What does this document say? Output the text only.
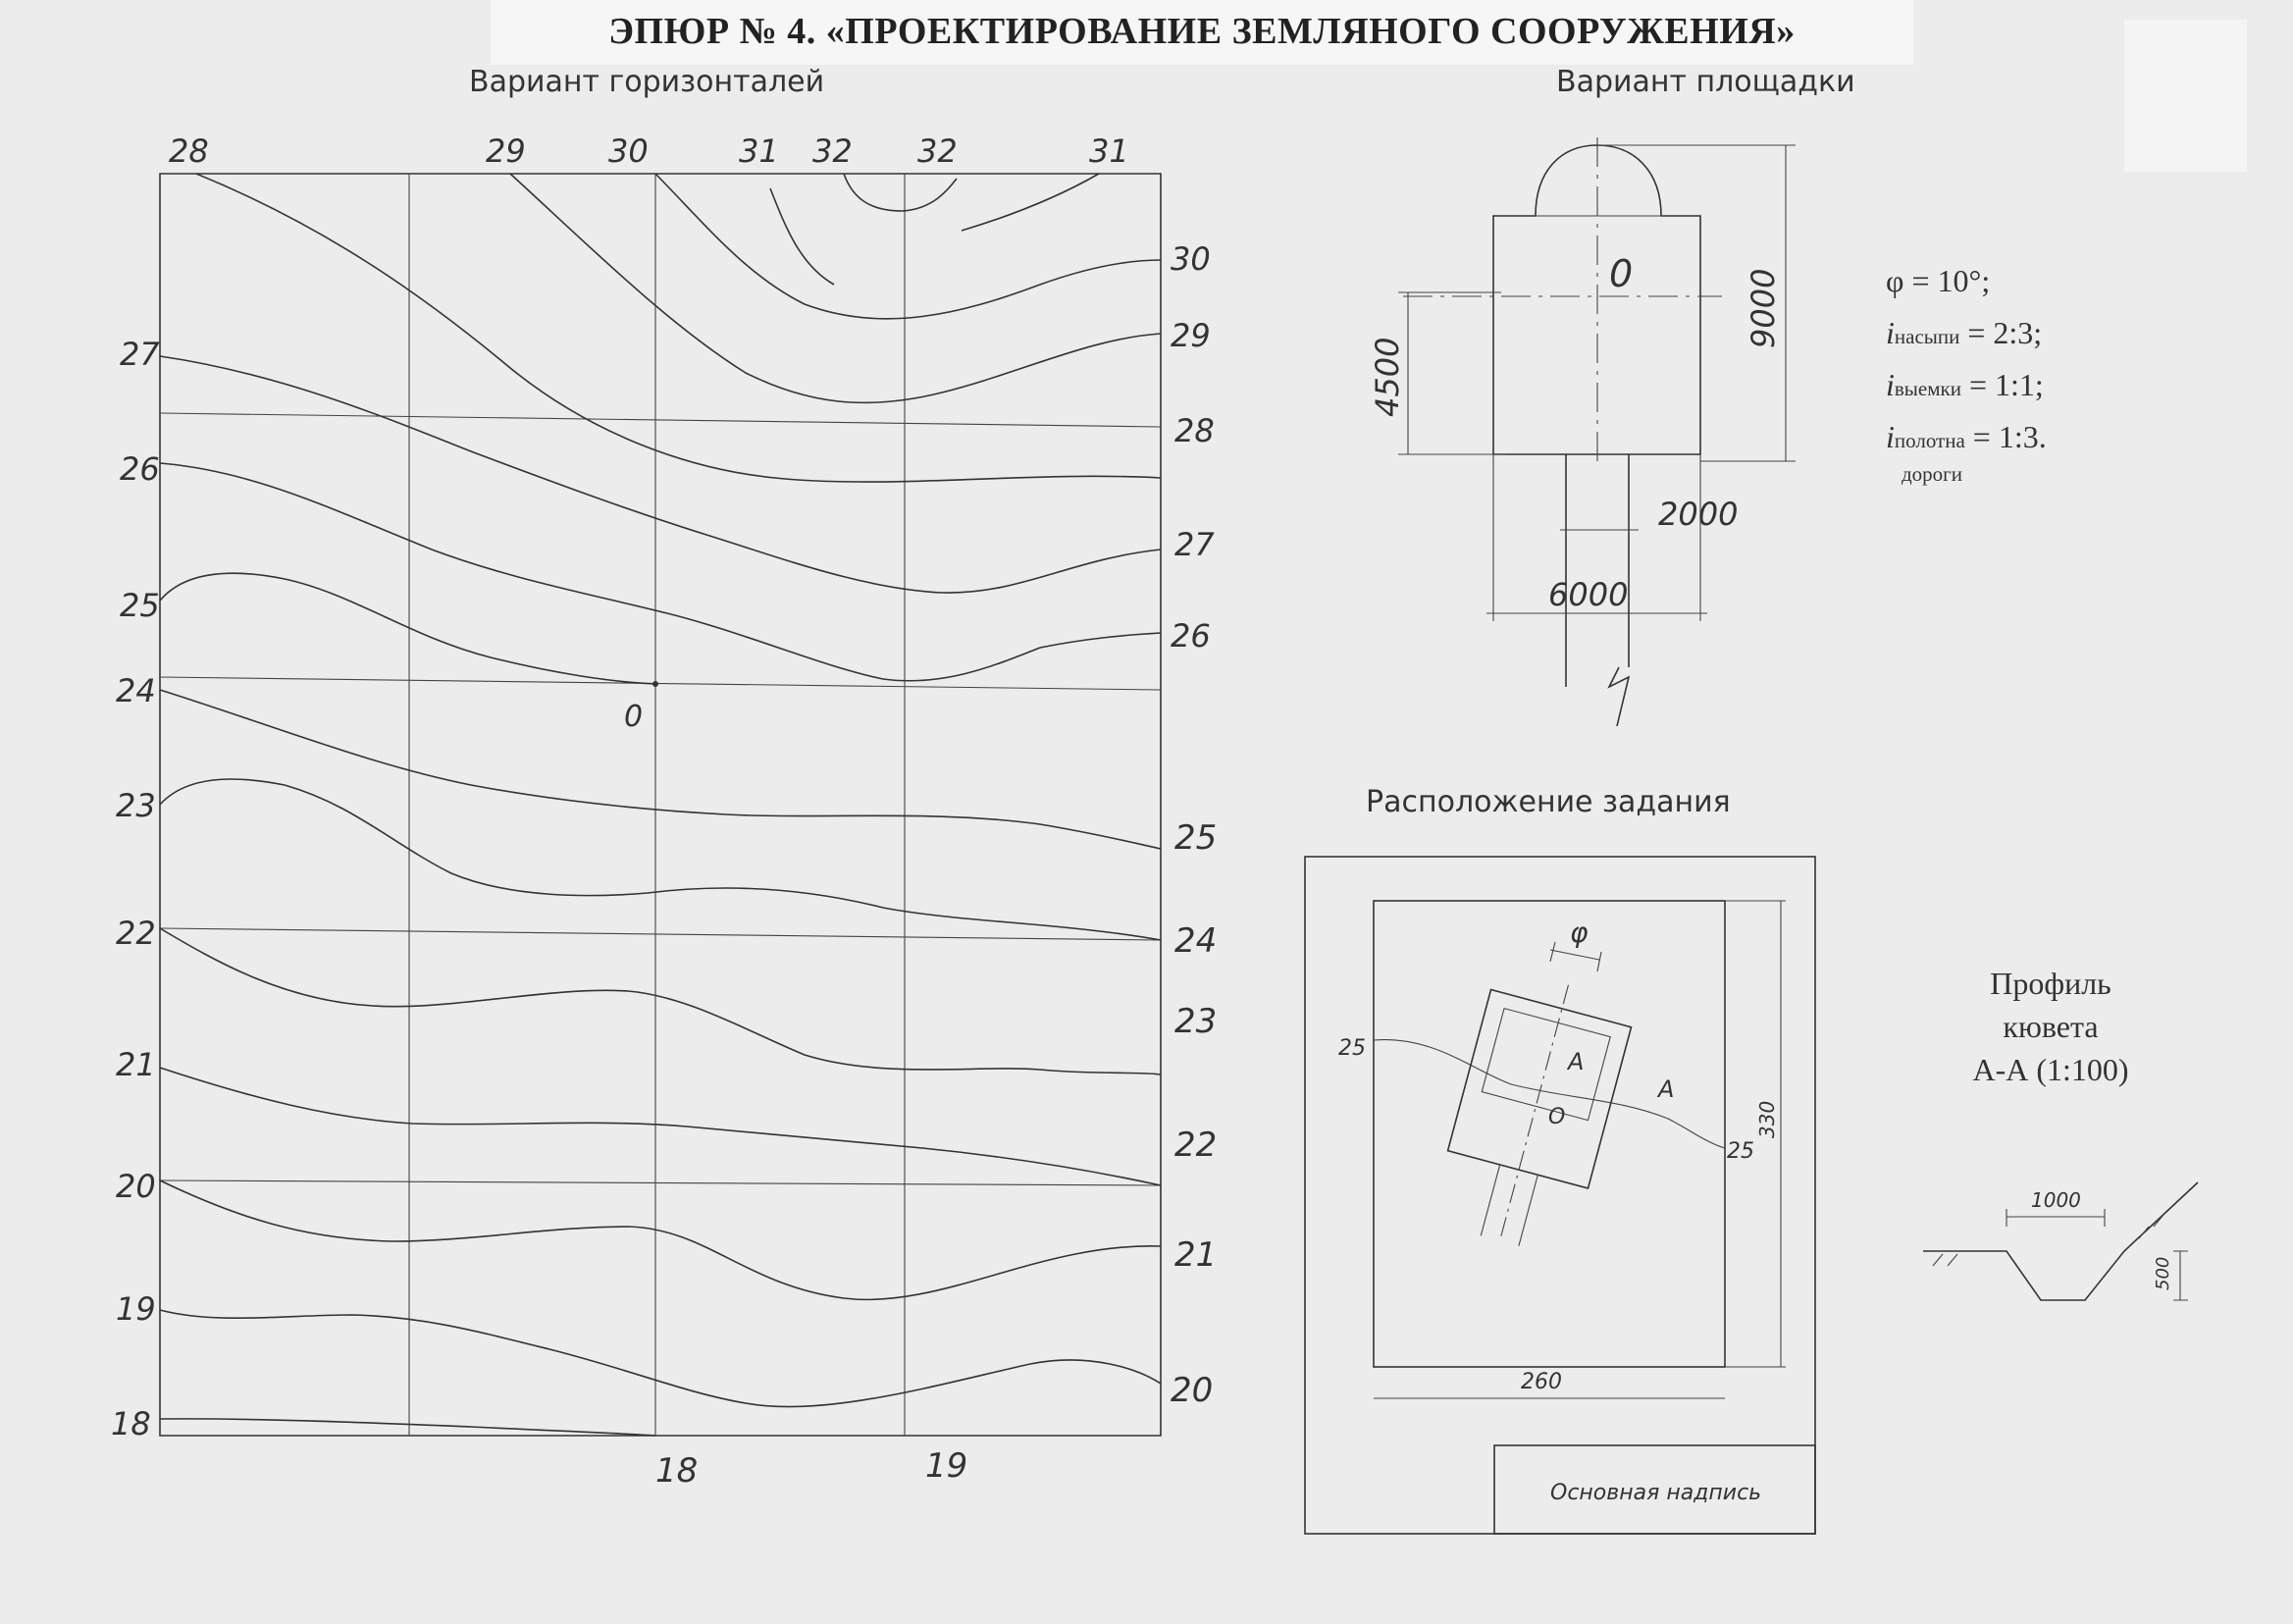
ЭПЮР № 4. «ПРОЕКТИРОВАНИЕ ЗЕМЛЯНОГО СООРУЖЕНИЯ»
Вариант горизонталей	Вариант площадки
Расположение задания
φ = 10°;
iнасыпи = 2:3;
iвыемки = 1:1;
iполотна = 1:3.
дороги
Профиль
кювета
А-А (1:100)
28	29	30	31 32 32	31
27
26
25
24
23
22
21
20
19
18
30
29
28
27
26
25
24
23
22
21
20
18	19
0
0	9000
4500
2000
6000
φ
25
25
A
A
O	330
260
Основная надпись
1000
500
